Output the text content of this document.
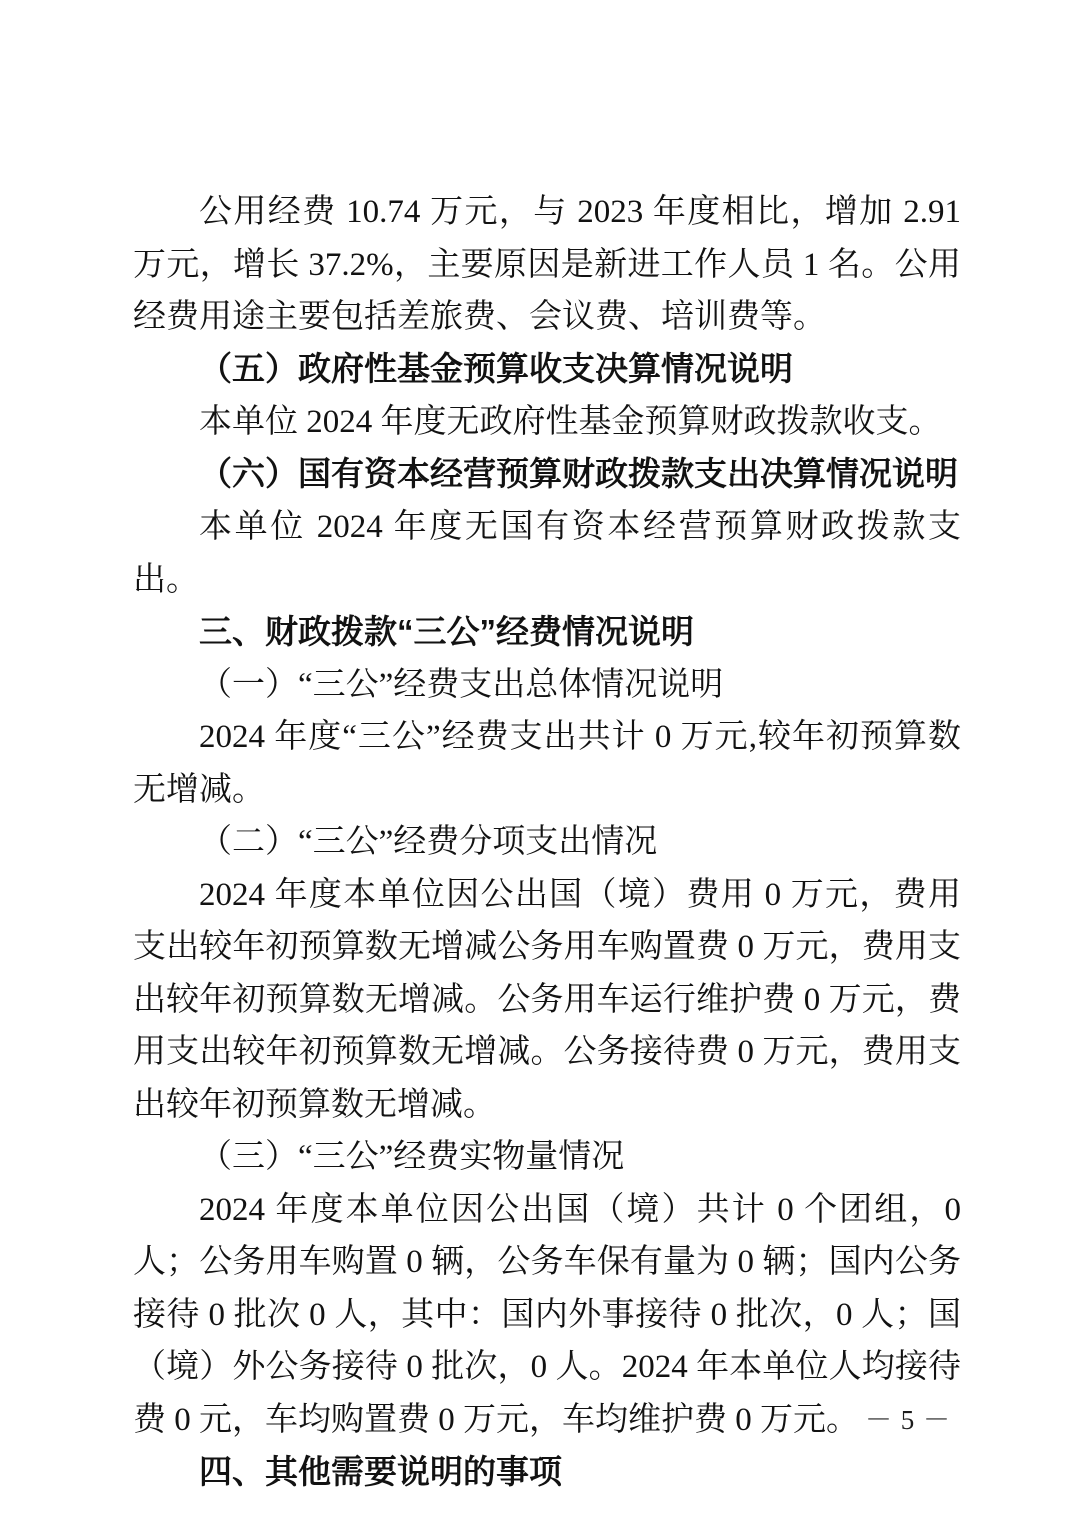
公用经费 10.74 万元，与 2023 年度相比，增加 2.91 万元，增长 37.2%，主要原因是新进工作人员 1 名。公用经费用途主要包括差旅费、会议费、培训费等。
（五）政府性基金预算收支决算情况说明
本单位 2024 年度无政府性基金预算财政拨款收支。
（六）国有资本经营预算财政拨款支出决算情况说明
本单位 2024 年度无国有资本经营预算财政拨款支出。
三、财政拨款“三公”经费情况说明
（一）“三公”经费支出总体情况说明
2024 年度“三公”经费支出共计 0 万元,较年初预算数无增减。
（二）“三公”经费分项支出情况
2024 年度本单位因公出国（境）费用 0 万元，费用支出较年初预算数无增减公务用车购置费 0 万元，费用支出较年初预算数无增减。公务用车运行维护费 0 万元，费用支出较年初预算数无增减。公务接待费 0 万元，费用支出较年初预算数无增减。
（三）“三公”经费实物量情况
2024 年度本单位因公出国（境）共计 0 个团组，0 人；公务用车购置 0 辆，公务车保有量为 0 辆；国内公务接待 0 批次 0 人，其中：国内外事接待 0 批次，0 人；国（境）外公务接待 0 批次，0 人。2024 年本单位人均接待费 0 元，车均购置费 0 万元，车均维护费 0 万元。
四、其他需要说明的事项
－ 5 －
